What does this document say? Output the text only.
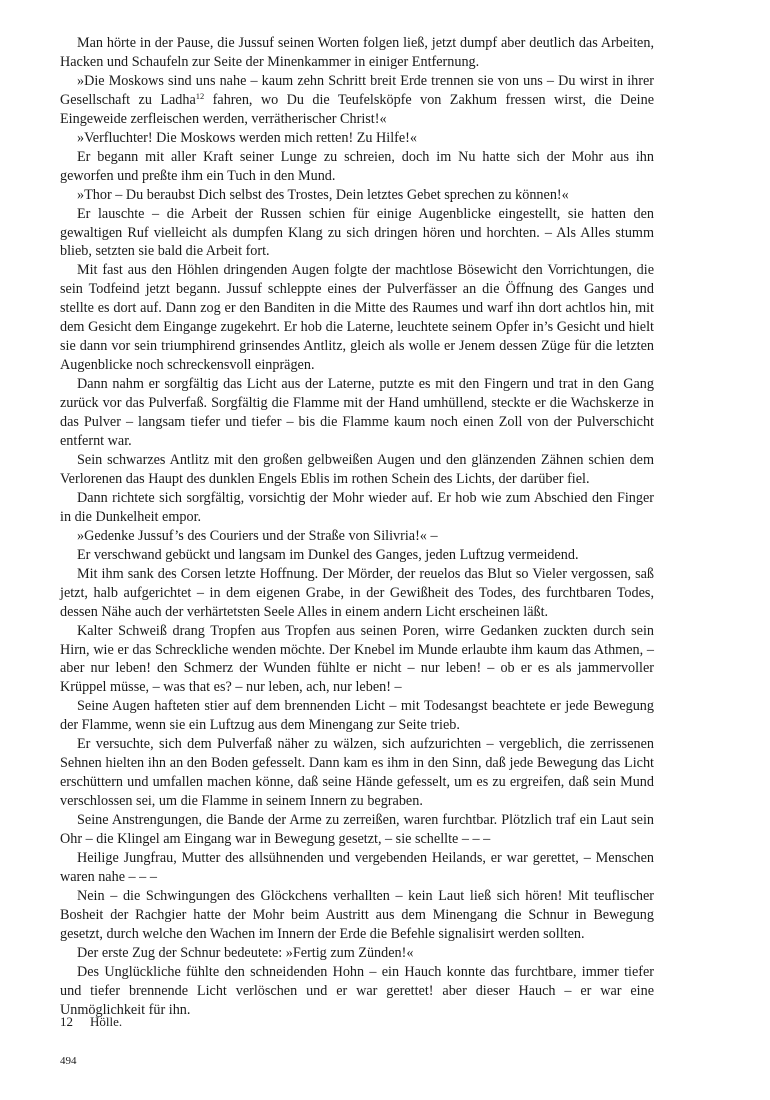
Man hörte in der Pause, die Jussuf seinen Worten folgen ließ, jetzt dumpf aber deutlich das Arbeiten, Hacken und Schaufeln zur Seite der Minenkammer in einiger Entfernung.

»Die Moskows sind uns nahe – kaum zehn Schritt breit Erde trennen sie von uns – Du wirst in ihrer Gesellschaft zu Ladha$^{12}$ fahren, wo Du die Teufelsköpfe von Zakhum fressen wirst, die Deine Eingeweide zerfleischen werden, verrätherischer Christ!«

»Verfluchter! Die Moskows werden mich retten! Zu Hilfe!«

Er begann mit aller Kraft seiner Lunge zu schreien, doch im Nu hatte sich der Mohr aus ihn geworfen und preßte ihm ein Tuch in den Mund.

»Thor – Du beraubst Dich selbst des Trostes, Dein letztes Gebet sprechen zu können!«

Er lauschte – die Arbeit der Russen schien für einige Augenblicke eingestellt, sie hatten den gewaltigen Ruf vielleicht als dumpfen Klang zu sich dringen hören und horchten. – Als Alles stumm blieb, setzten sie bald die Arbeit fort.

Mit fast aus den Höhlen dringenden Augen folgte der machtlose Bösewicht den Vorrichtungen, die sein Todfeind jetzt begann. Jussuf schleppte eines der Pulverfässer an die Öffnung des Ganges und stellte es dort auf. Dann zog er den Banditen in die Mitte des Raumes und warf ihn dort achtlos hin, mit dem Gesicht dem Eingange zugekehrt. Er hob die Laterne, leuchtete seinem Opfer in’s Gesicht und hielt sie dann vor sein triumphirend grinsendes Antlitz, gleich als wolle er Jenem dessen Züge für die letzten Augenblicke noch schreckensvoll einprägen.

Dann nahm er sorgfältig das Licht aus der Laterne, putzte es mit den Fingern und trat in den Gang zurück vor das Pulverfaß. Sorgfältig die Flamme mit der Hand umhüllend, steckte er die Wachskerze in das Pulver – langsam tiefer und tiefer – bis die Flamme kaum noch einen Zoll von der Pulverschicht entfernt war.

Sein schwarzes Antlitz mit den großen gelbweißen Augen und den glänzenden Zähnen schien dem Verlorenen das Haupt des dunklen Engels Eblis im rothen Schein des Lichts, der darüber fiel.

Dann richtete sich sorgfältig, vorsichtig der Mohr wieder auf. Er hob wie zum Abschied den Finger in die Dunkelheit empor.

»Gedenke Jussuf’s des Couriers und der Straße von Silivria!« –

Er verschwand gebückt und langsam im Dunkel des Ganges, jeden Luftzug vermeidend.

Mit ihm sank des Corsen letzte Hoffnung. Der Mörder, der reuelos das Blut so Vieler vergossen, saß jetzt, halb aufgerichtet – in dem eigenen Grabe, in der Gewißheit des Todes, des furchtbaren Todes, dessen Nähe auch der verhärtetsten Seele Alles in einem andern Licht erscheinen läßt.

Kalter Schweiß drang Tropfen aus Tropfen aus seinen Poren, wirre Gedanken zuckten durch sein Hirn, wie er das Schreckliche wenden möchte. Der Knebel im Munde erlaubte ihm kaum das Athmen, – aber nur leben! den Schmerz der Wunden fühlte er nicht – nur leben! – ob er es als jammervoller Krüppel müsse, – was that es? – nur leben, ach, nur leben! –

Seine Augen hafteten stier auf dem brennenden Licht – mit Todesangst beachtete er jede Bewegung der Flamme, wenn sie ein Luftzug aus dem Minengang zur Seite trieb.

Er versuchte, sich dem Pulverfaß näher zu wälzen, sich aufzurichten – vergeblich, die zerrissenen Sehnen hielten ihn an den Boden gefesselt. Dann kam es ihm in den Sinn, daß jede Bewegung das Licht erschüttern und umfallen machen könne, daß seine Hände gefesselt, um es zu ergreifen, daß sein Mund verschlossen sei, um die Flamme in seinem Innern zu begraben.

Seine Anstrengungen, die Bande der Arme zu zerreißen, waren furchtbar. Plötzlich traf ein Laut sein Ohr – die Klingel am Eingang war in Bewegung gesetzt, – sie schellte – – –

Heilige Jungfrau, Mutter des allsühnenden und vergebenden Heilands, er war gerettet, – Menschen waren nahe – – –

Nein – die Schwingungen des Glöckchens verhallten – kein Laut ließ sich hören! Mit teuflischer Bosheit der Rachgier hatte der Mohr beim Austritt aus dem Minengang die Schnur in Bewegung gesetzt, durch welche den Wachen im Innern der Erde die Befehle signalisirt werden sollten.

Der erste Zug der Schnur bedeutete: »Fertig zum Zünden!«

Des Unglückliche fühlte den schneidenden Hohn – ein Hauch konnte das furchtbare, immer tiefer und tiefer brennende Licht verlöschen und er war gerettet! aber dieser Hauch – er war eine Unmöglichkeit für ihn.

12 Hölle.
494
